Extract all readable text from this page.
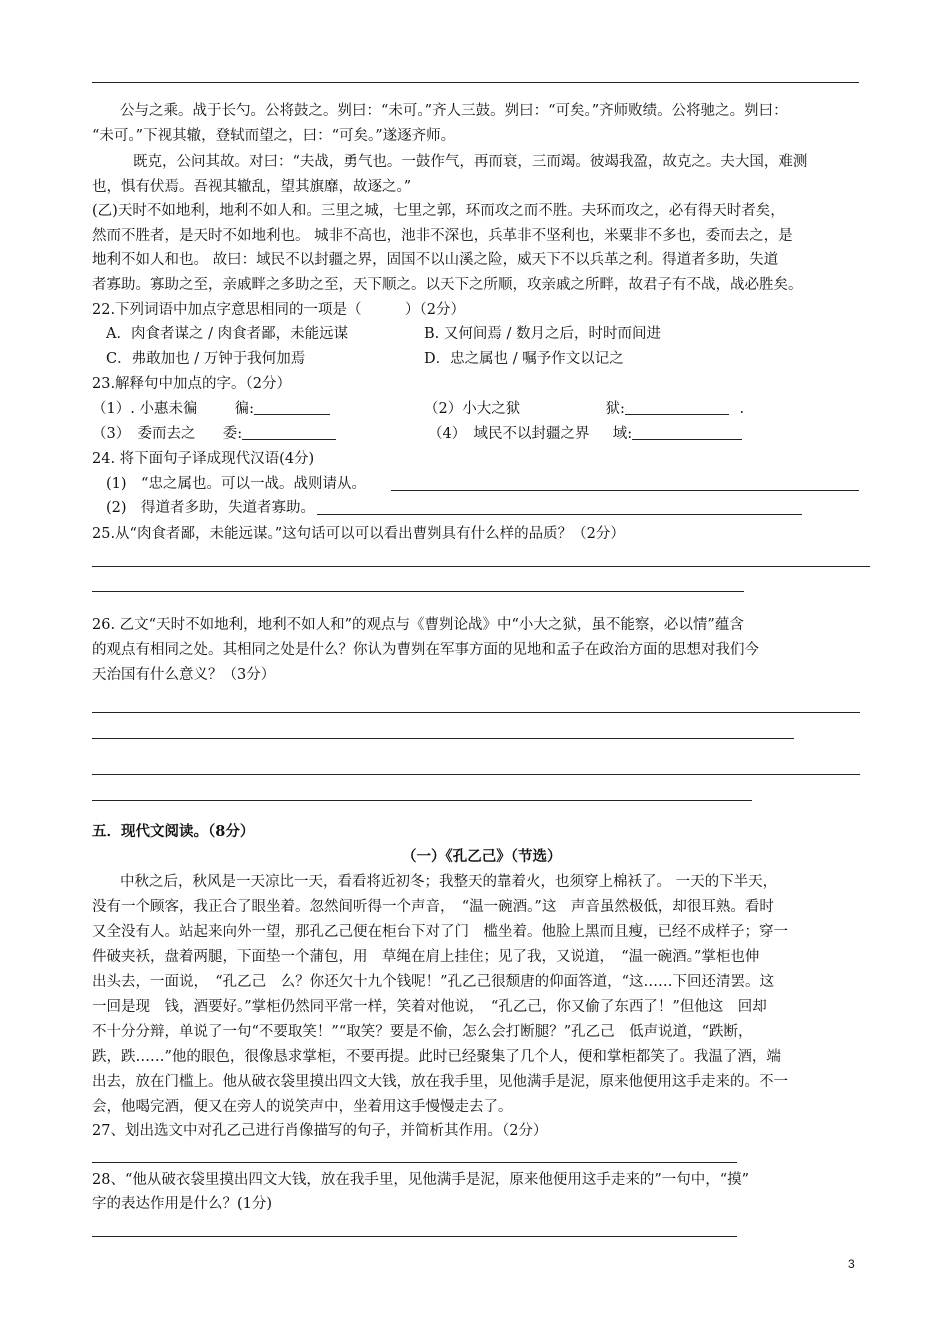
公与之乘。战于长勺。公将鼓之。刿曰：“未可。”齐人三鼓。刿曰：“可矣。”齐师败绩。公将驰之。刿曰：
“未可。”下视其辙，登轼而望之，曰：“可矣。”遂逐齐师。
既克，公问其故。对曰：“夫战，勇气也。一鼓作气，再而衰，三而竭。彼竭我盈，故克之。夫大国，难测
也，惧有伏焉。吾视其辙乱，望其旗靡，故逐之。”
(乙)天时不如地利，地利不如人和。三里之城，七里之郭，环而攻之而不胜。夫环而攻之，必有得天时者矣，
然而不胜者，是天时不如地利也。 城非不高也，池非不深也，兵革非不坚利也，米粟非不多也，委而去之，是
地利不如人和也。 故曰：域民不以封疆之界，固国不以山溪之险，威天下不以兵革之利。得道者多助，失道
者寡助。寡助之至，亲戚畔之多助之至，天下顺之。以天下之所顺，攻亲戚之所畔，故君子有不战，战必胜矣。
22.下列词语中加点字意思相同的一项是（　　　）（2分）
A．肉食者谋之 / 肉食者鄙，未能远谋	B. 又何间焉 / 数月之后，时时而间进
C．弗敢加也 / 万钟于我何加焉	D．忠之属也 / 嘱予作文以记之
23.解释句中加点的字。（2分）
（1）. 小惠未徧	徧:	（2）小大之狱	狱:	.
（3）　委而去之 委:	（4）　域民不以封疆之界 域:
24. 将下面句子译成现代汉语(4分)
(1)　“忠之属也。可以一战。战则请从。
(2)　得道者多助，失道者寡助。
25.从“肉食者鄙，未能远谋。”这句话可以可以看出曹刿具有什么样的品质？（2分）
26. 乙文“天时不如地利，地利不如人和”的观点与《曹刿论战》中“小大之狱，虽不能察，必以情”蕴含
的观点有相同之处。其相同之处是什么？你认为曹刿在军事方面的见地和孟子在政治方面的思想对我们今
天治国有什么意义？（3分）
五．现代文阅读。（8分）
（一）《孔乙己》（节选）
中秋之后，秋风是一天凉比一天，看看将近初冬；我整天的靠着火，也须穿上棉袄了。 一天的下半天，
没有一个顾客，我正合了眼坐着。忽然间听得一个声音，　“温一碗酒。”这　声音虽然极低，却很耳熟。看时
又全没有人。站起来向外一望，那孔乙己便在柜台下对了门　槛坐着。他脸上黑而且瘦，已经不成样子；穿一
件破夹袄，盘着两腿，下面垫一个蒲包，用　草绳在肩上挂住；见了我，又说道，　“温一碗酒。”掌柜也伸
出头去，一面说，　“孔乙己　么？你还欠十九个钱呢！”孔乙己很颓唐的仰面答道，“这……下回还清罢。这
一回是现　钱，酒要好。”掌柜仍然同平常一样，笑着对他说，　“孔乙己，你又偷了东西了！”但他这　回却
不十分分辩，单说了一句“不要取笑！”“取笑？要是不偷，怎么会打断腿？”孔乙己　低声说道，“跌断，
跌，跌……”他的眼色，很像恳求掌柜，不要再提。此时已经聚集了几个人，便和掌柜都笑了。我温了酒，端
出去，放在门槛上。他从破衣袋里摸出四文大钱，放在我手里，见他满手是泥，原来他便用这手走来的。不一
会，他喝完酒，便又在旁人的说笑声中，坐着用这手慢慢走去了。
27、划出选文中对孔乙己进行肖像描写的句子，并简析其作用。（2分）
28、“他从破衣袋里摸出四文大钱，放在我手里，见他满手是泥，原来他便用这手走来的”一句中，“摸”
字的表达作用是什么？(1分)
3
